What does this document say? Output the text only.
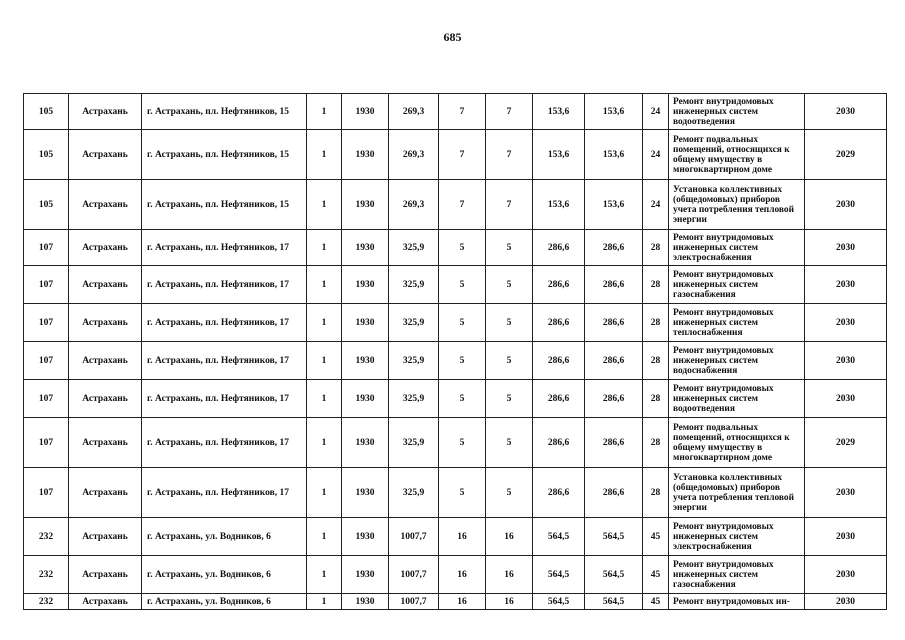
685
105	Астрахань	г. Астрахань, пл. Нефтяников, 15	1	1930	269,3	7	7	153,6	153,6	24	Ремонт внутридомовых инженерных систем водоотведения	2030
105	Астрахань	г. Астрахань, пл. Нефтяников, 15	1	1930	269,3	7	7	153,6	153,6	24	Ремонт подвальных помещений, относящихся к общему имуществу в многоквартирном доме	2029
105	Астрахань	г. Астрахань, пл. Нефтяников, 15	1	1930	269,3	7	7	153,6	153,6	24	Установка коллективных (общедомовых) приборов учета потребления тепловой энергии	2030
107	Астрахань	г. Астрахань, пл. Нефтяников, 17	1	1930	325,9	5	5	286,6	286,6	28	Ремонт внутридомовых инженерных систем электроснабжения	2030
107	Астрахань	г. Астрахань, пл. Нефтяников, 17	1	1930	325,9	5	5	286,6	286,6	28	Ремонт внутридомовых инженерных систем газоснабжения	2030
107	Астрахань	г. Астрахань, пл. Нефтяников, 17	1	1930	325,9	5	5	286,6	286,6	28	Ремонт внутридомовых инженерных систем теплоснабжения	2030
107	Астрахань	г. Астрахань, пл. Нефтяников, 17	1	1930	325,9	5	5	286,6	286,6	28	Ремонт внутридомовых инженерных систем водоснабжения	2030
107	Астрахань	г. Астрахань, пл. Нефтяников, 17	1	1930	325,9	5	5	286,6	286,6	28	Ремонт внутридомовых инженерных систем водоотведения	2030
107	Астрахань	г. Астрахань, пл. Нефтяников, 17	1	1930	325,9	5	5	286,6	286,6	28	Ремонт подвальных помещений, относящихся к общему имуществу в многоквартирном доме	2029
107	Астрахань	г. Астрахань, пл. Нефтяников, 17	1	1930	325,9	5	5	286,6	286,6	28	Установка коллективных (общедомовых) приборов учета потребления тепловой энергии	2030
232	Астрахань	г. Астрахань, ул. Водников, 6	1	1930	1007,7	16	16	564,5	564,5	45	Ремонт внутридомовых инженерных систем электроснабжения	2030
232	Астрахань	г. Астрахань, ул. Водников, 6	1	1930	1007,7	16	16	564,5	564,5	45	Ремонт внутридомовых инженерных систем газоснабжения	2030
232	Астрахань	г. Астрахань, ул. Водников, 6	1	1930	1007,7	16	16	564,5	564,5	45	Ремонт внутридомовых ин-	2030
